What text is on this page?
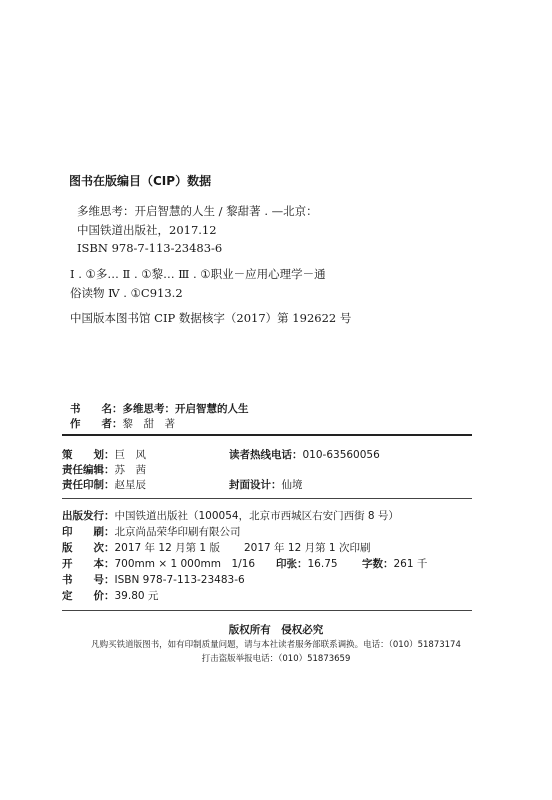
图书在版编目（CIP）数据
多维思考：开启智慧的人生 / 黎甜著 . —北京：
中国铁道出版社，2017.12
ISBN 978-7-113-23483-6
Ⅰ . ①多… Ⅱ . ①黎… Ⅲ . ①职业－应用心理学－通
俗读物 Ⅳ . ①C913.2
中国版本图书馆 CIP 数据核字（2017）第 192622 号
书　　名：多维思考：开启智慧的人生
作　　者：黎　甜　著
策　　划：巨　风	读者热线电话：010-63560056
责任编辑：苏　茜
责任印制：赵星辰	封面设计：仙境
出版发行：中国铁道出版社（100054，北京市西城区右安门西街 8 号）
印　　刷：北京尚品荣华印刷有限公司
版　　次：2017 年 12 月第 1 版 2017 年 12 月第 1 次印刷
开　　本：700mm × 1 000mm　1/16 印张：16.75 字数：261 千
书　　号：ISBN 978-7-113-23483-6
定　　价：39.80 元
版权所有　侵权必究
凡购买铁道版图书，如有印制质量问题，请与本社读者服务部联系调换。电话：（010）51873174
打击盗版举报电话：（010）51873659
